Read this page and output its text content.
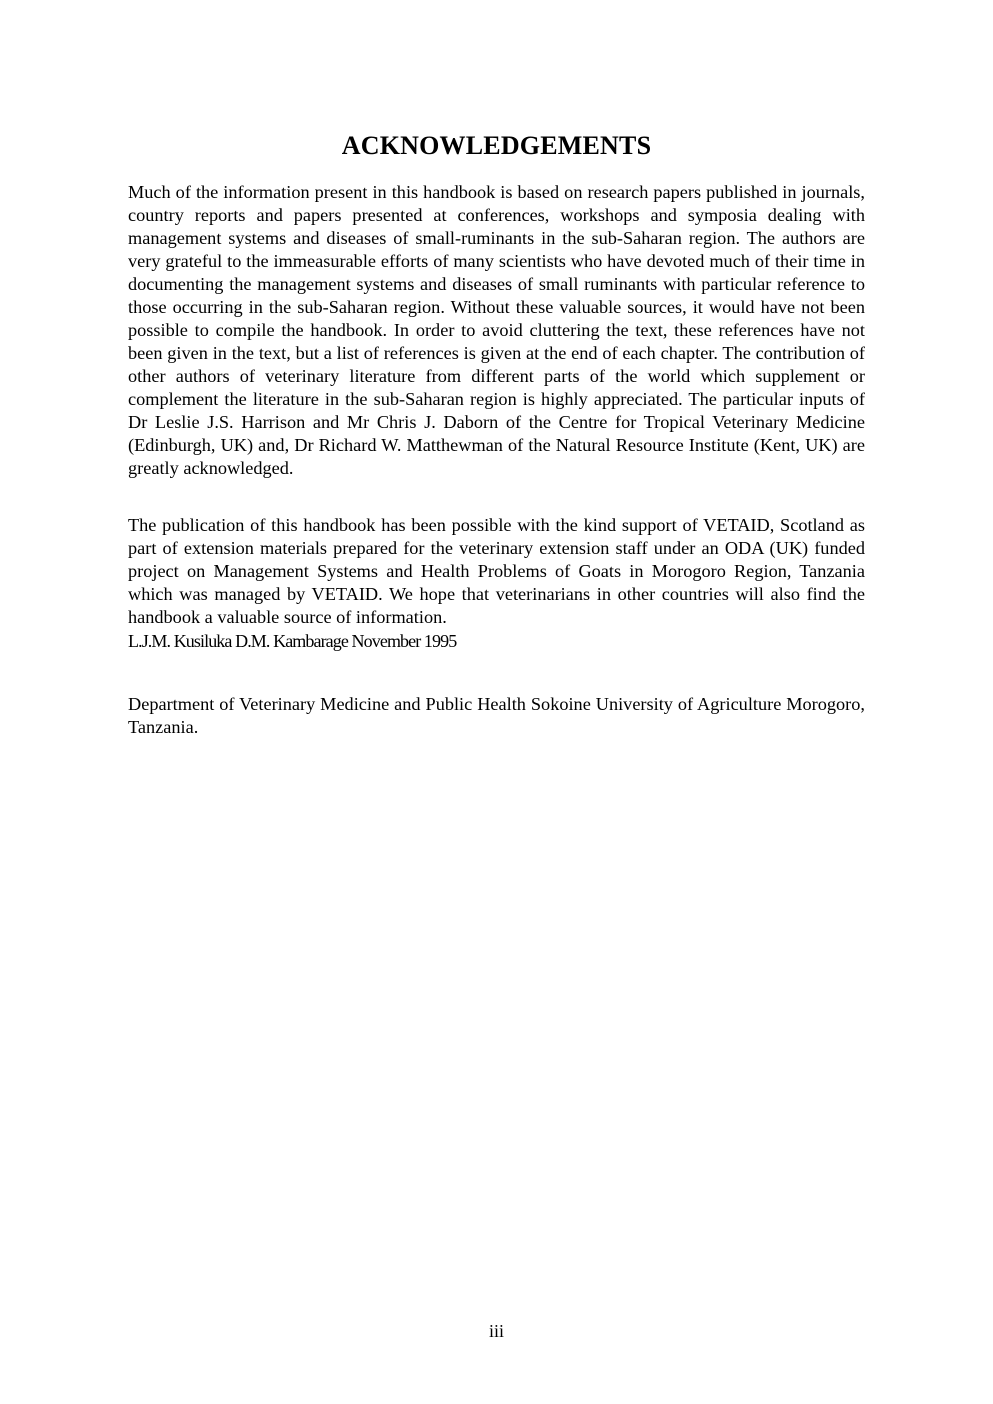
ACKNOWLEDGEMENTS

Much of the information present in this handbook is based on research papers published in journals, country reports and papers presented at conferences, workshops and symposia dealing with management systems and diseases of small-ruminants in the sub-Saharan region. The authors are very grateful to the immeasurable efforts of many scientists who have devoted much of their time in documenting the management systems and diseases of small ruminants with particular reference to those occurring in the sub-Saharan region. Without these valuable sources, it would have not been possible to compile the handbook. In order to avoid cluttering the text, these references have not been given in the text, but a list of references is given at the end of each chapter. The contribution of other authors of veterinary literature from different parts of the world which supplement or complement the literature in the sub-Saharan region is highly appreciated. The particular inputs of Dr Leslie J.S. Harrison and Mr Chris J. Daborn of the Centre for Tropical Veterinary Medicine (Edinburgh, UK) and, Dr Richard W. Matthewman of the Natural Resource Institute (Kent, UK) are greatly acknowledged.

The publication of this handbook has been possible with the kind support of VETAID, Scotland as part of extension materials prepared for the veterinary extension staff under an ODA (UK) funded project on Management Systems and Health Problems of Goats in Morogoro Region, Tanzania which was managed by VETAID. We hope that veterinarians in other countries will also find the handbook a valuable source of information.

L.J.M. Kusiluka D.M. Kambarage November 1995

Department of Veterinary Medicine and Public Health Sokoine University of Agriculture Morogoro, Tanzania.

iii
